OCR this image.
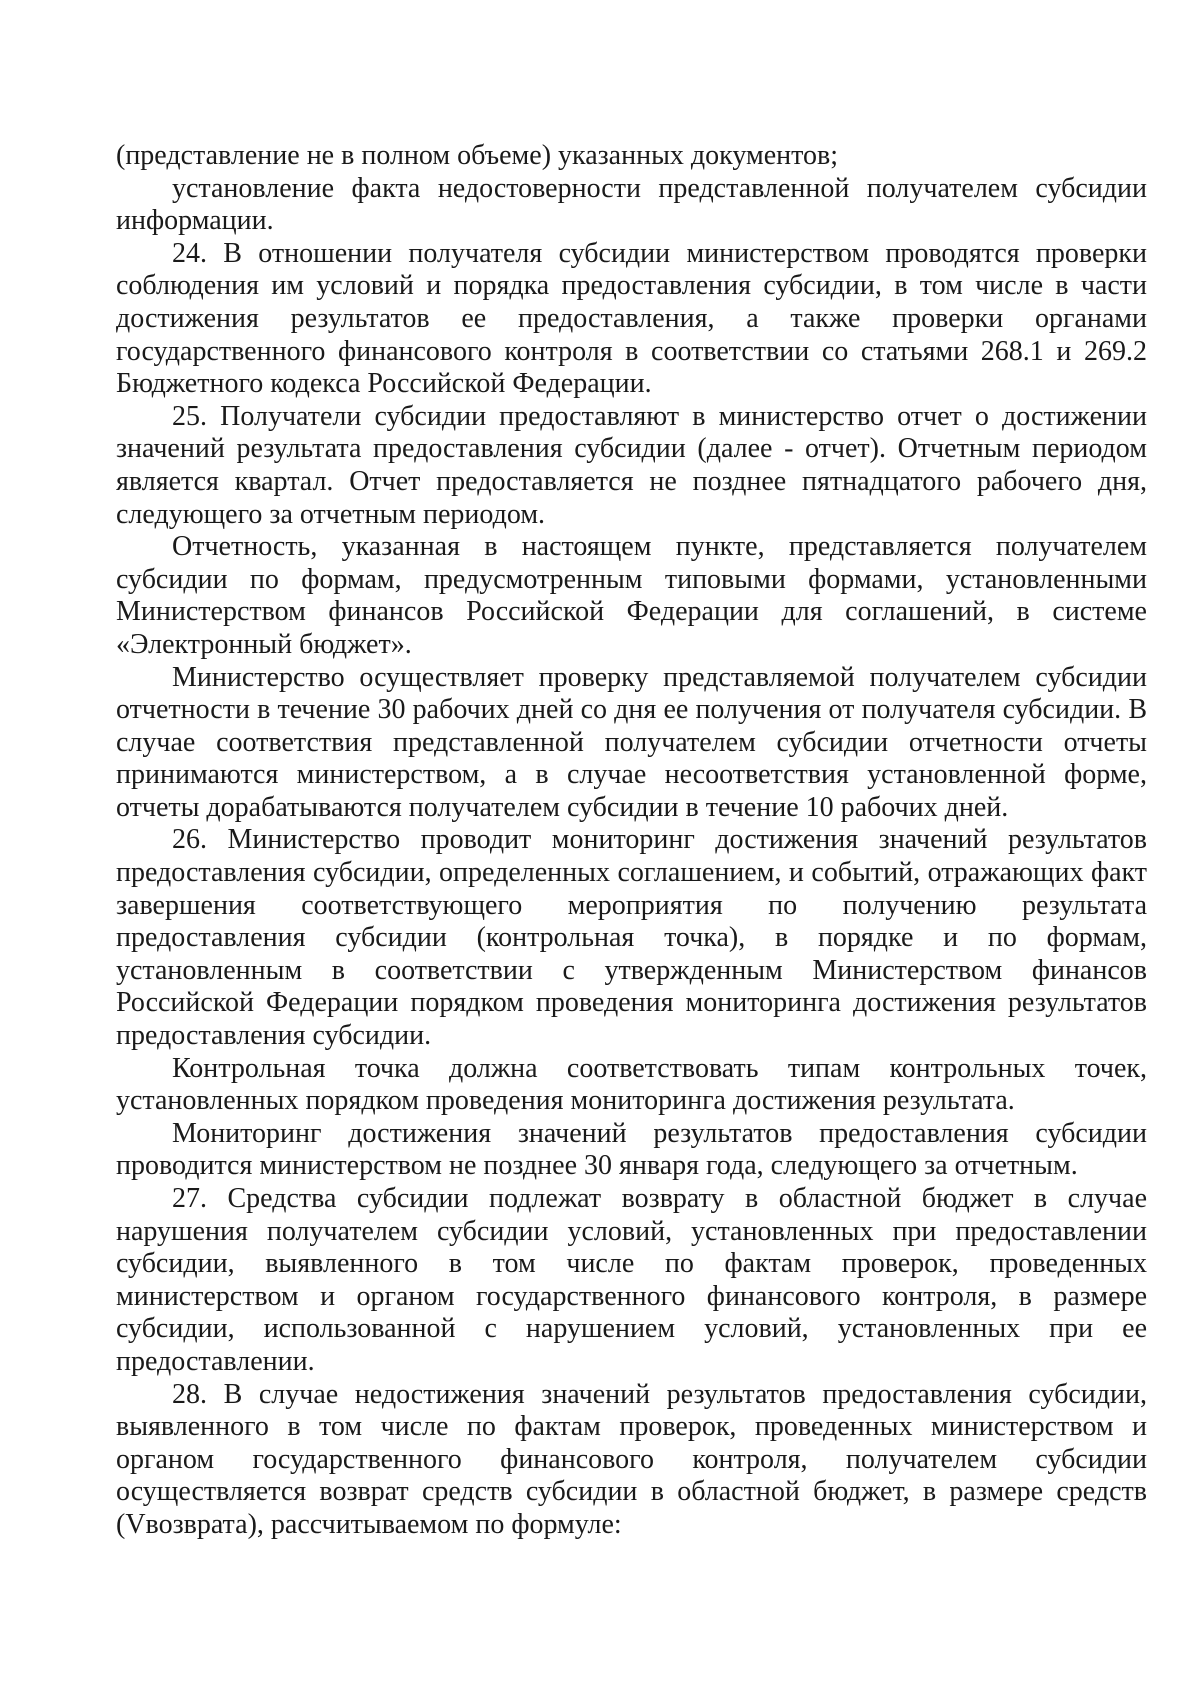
(представление не в полном объеме) указанных документов;

установление факта недостоверности представленной получателем субсидии информации.

24. В отношении получателя субсидии министерством проводятся проверки соблюдения им условий и порядка предоставления субсидии, в том числе в части достижения результатов ее предоставления, а также проверки органами государственного финансового контроля в соответствии со статьями 268.1 и 269.2 Бюджетного кодекса Российской Федерации.

25. Получатели субсидии предоставляют в министерство отчет о достижении значений результата предоставления субсидии (далее - отчет). Отчетным периодом является квартал. Отчет предоставляется не позднее пятнадцатого рабочего дня, следующего за отчетным периодом.

Отчетность, указанная в настоящем пункте, представляется получателем субсидии по формам, предусмотренным типовыми формами, установленными Министерством финансов Российской Федерации для соглашений, в системе «Электронный бюджет».

Министерство осуществляет проверку представляемой получателем субсидии отчетности в течение 30 рабочих дней со дня ее получения от получателя субсидии. В случае соответствия представленной получателем субсидии отчетности отчеты принимаются министерством, а в случае несоответствия установленной форме, отчеты дорабатываются получателем субсидии в течение 10 рабочих дней.

26. Министерство проводит мониторинг достижения значений результатов предоставления субсидии, определенных соглашением, и событий, отражающих факт завершения соответствующего мероприятия по получению результата предоставления субсидии (контрольная точка), в порядке и по формам, установленным в соответствии с утвержденным Министерством финансов Российской Федерации порядком проведения мониторинга достижения результатов предоставления субсидии.

Контрольная точка должна соответствовать типам контрольных точек, установленных порядком проведения мониторинга достижения результата.

Мониторинг достижения значений результатов предоставления субсидии проводится министерством не позднее 30 января года, следующего за отчетным.

27. Средства субсидии подлежат возврату в областной бюджет в случае нарушения получателем субсидии условий, установленных при предоставлении субсидии, выявленного в том числе по фактам проверок, проведенных министерством и органом государственного финансового контроля, в размере субсидии, использованной с нарушением условий, установленных при ее предоставлении.

28. В случае недостижения значений результатов предоставления субсидии, выявленного в том числе по фактам проверок, проведенных министерством и органом государственного финансового контроля, получателем субсидии осуществляется возврат средств субсидии в областной бюджет, в размере средств (Vвозврата), рассчитываемом по формуле:
